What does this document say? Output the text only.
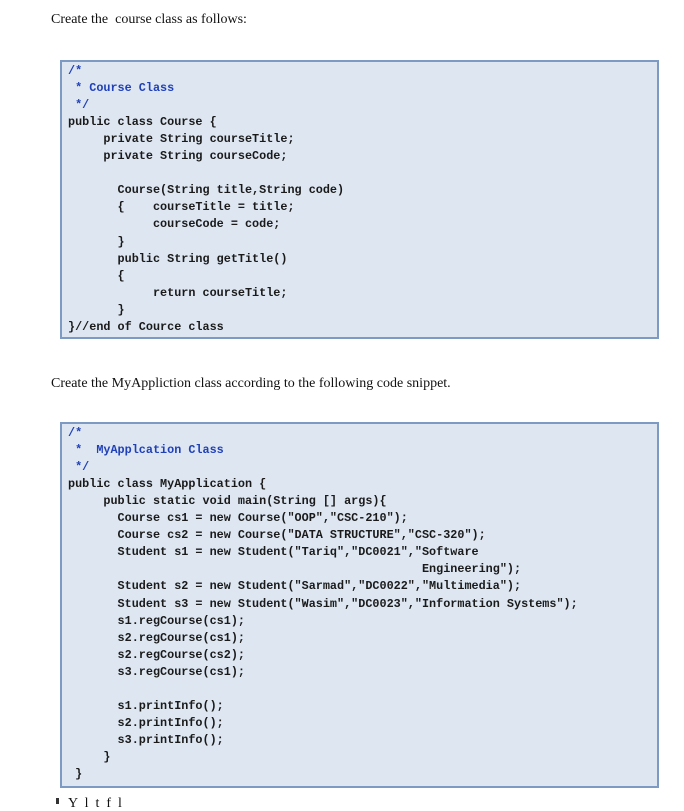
Create the  course class as follows:
/*
* Course Class
*/
public class Course {
private String courseTitle;
private String courseCode;
Course(String title,String code)
{    courseTitle = title;
courseCode = code;
}
public String getTitle()
{
return courseTitle;
}
}//end of Cource class
Create the MyAppliction class according to the following code snippet.
/*
*  MyApplcation Class
*/
public class MyApplication {
public static void main(String [] args){
Course cs1 = new Course("OOP","CSC-210");
Course cs2 = new Course("DATA STRUCTURE","CSC-320");
Student s1 = new Student("Tariq","DC0021","Software
Engineering");
Student s2 = new Student("Sarmad","DC0022","Multimedia");
Student s3 = new Student("Wasim","DC0023","Information Systems");
s1.regCourse(cs1);
s2.regCourse(cs1);
s2.regCourse(cs2);
s3.regCourse(cs1);
s1.printInfo();
s2.printInfo();
s3.printInfo();
}
}
Y  l  t  f  l
